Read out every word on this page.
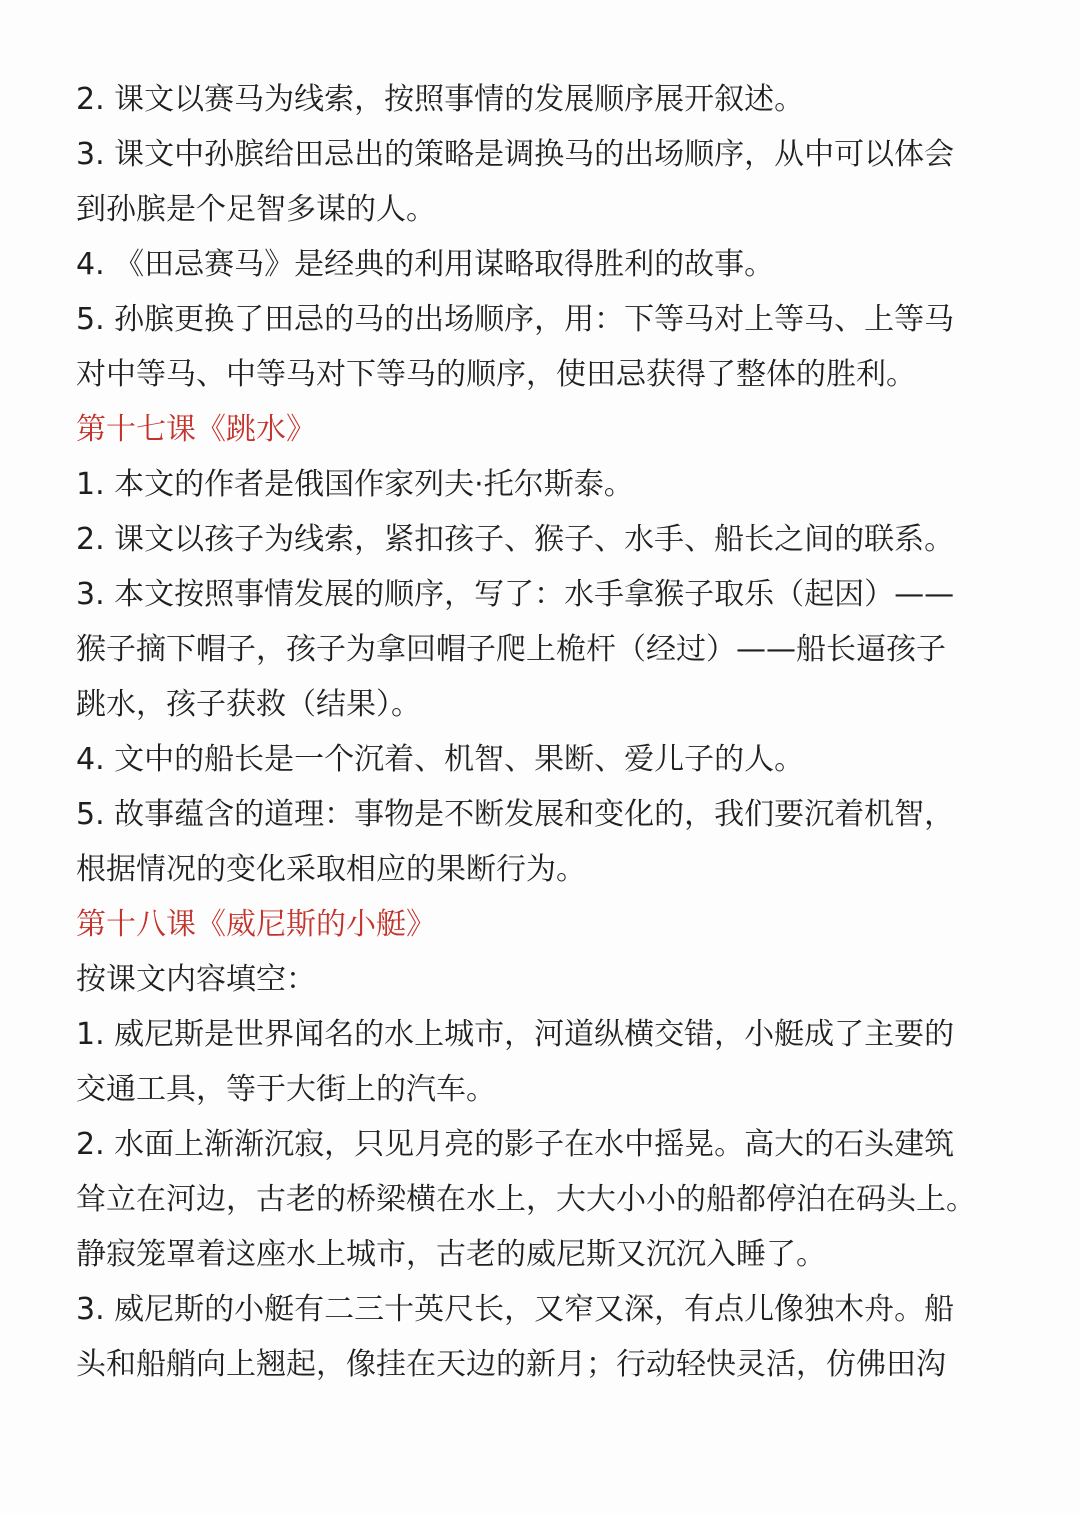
2. 课文以赛马为线索，按照事情的发展顺序展开叙述。
3. 课文中孙膑给田忌出的策略是调换马的出场顺序，从中可以体会
到孙膑是个足智多谋的人。
4. 《田忌赛马》是经典的利用谋略取得胜利的故事。
5. 孙膑更换了田忌的马的出场顺序，用：下等马对上等马、上等马
对中等马、中等马对下等马的顺序，使田忌获得了整体的胜利。
第十七课《跳水》
1. 本文的作者是俄国作家列夫·托尔斯泰。
2. 课文以孩子为线索，紧扣孩子、猴子、水手、船长之间的联系。
3. 本文按照事情发展的顺序，写了：水手拿猴子取乐（起因）——
猴子摘下帽子，孩子为拿回帽子爬上桅杆（经过）——船长逼孩子
跳水，孩子获救（结果）。
4. 文中的船长是一个沉着、机智、果断、爱儿子的人。
5. 故事蕴含的道理：事物是不断发展和变化的，我们要沉着机智，
根据情况的变化采取相应的果断行为。
第十八课《威尼斯的小艇》
按课文内容填空：
1. 威尼斯是世界闻名的水上城市，河道纵横交错，小艇成了主要的
交通工具，等于大街上的汽车。
2. 水面上渐渐沉寂，只见月亮的影子在水中摇晃。高大的石头建筑
耸立在河边，古老的桥梁横在水上，大大小小的船都停泊在码头上。
静寂笼罩着这座水上城市，古老的威尼斯又沉沉入睡了。
3. 威尼斯的小艇有二三十英尺长，又窄又深，有点儿像独木舟。船
头和船艄向上翘起，像挂在天边的新月；行动轻快灵活，仿佛田沟
